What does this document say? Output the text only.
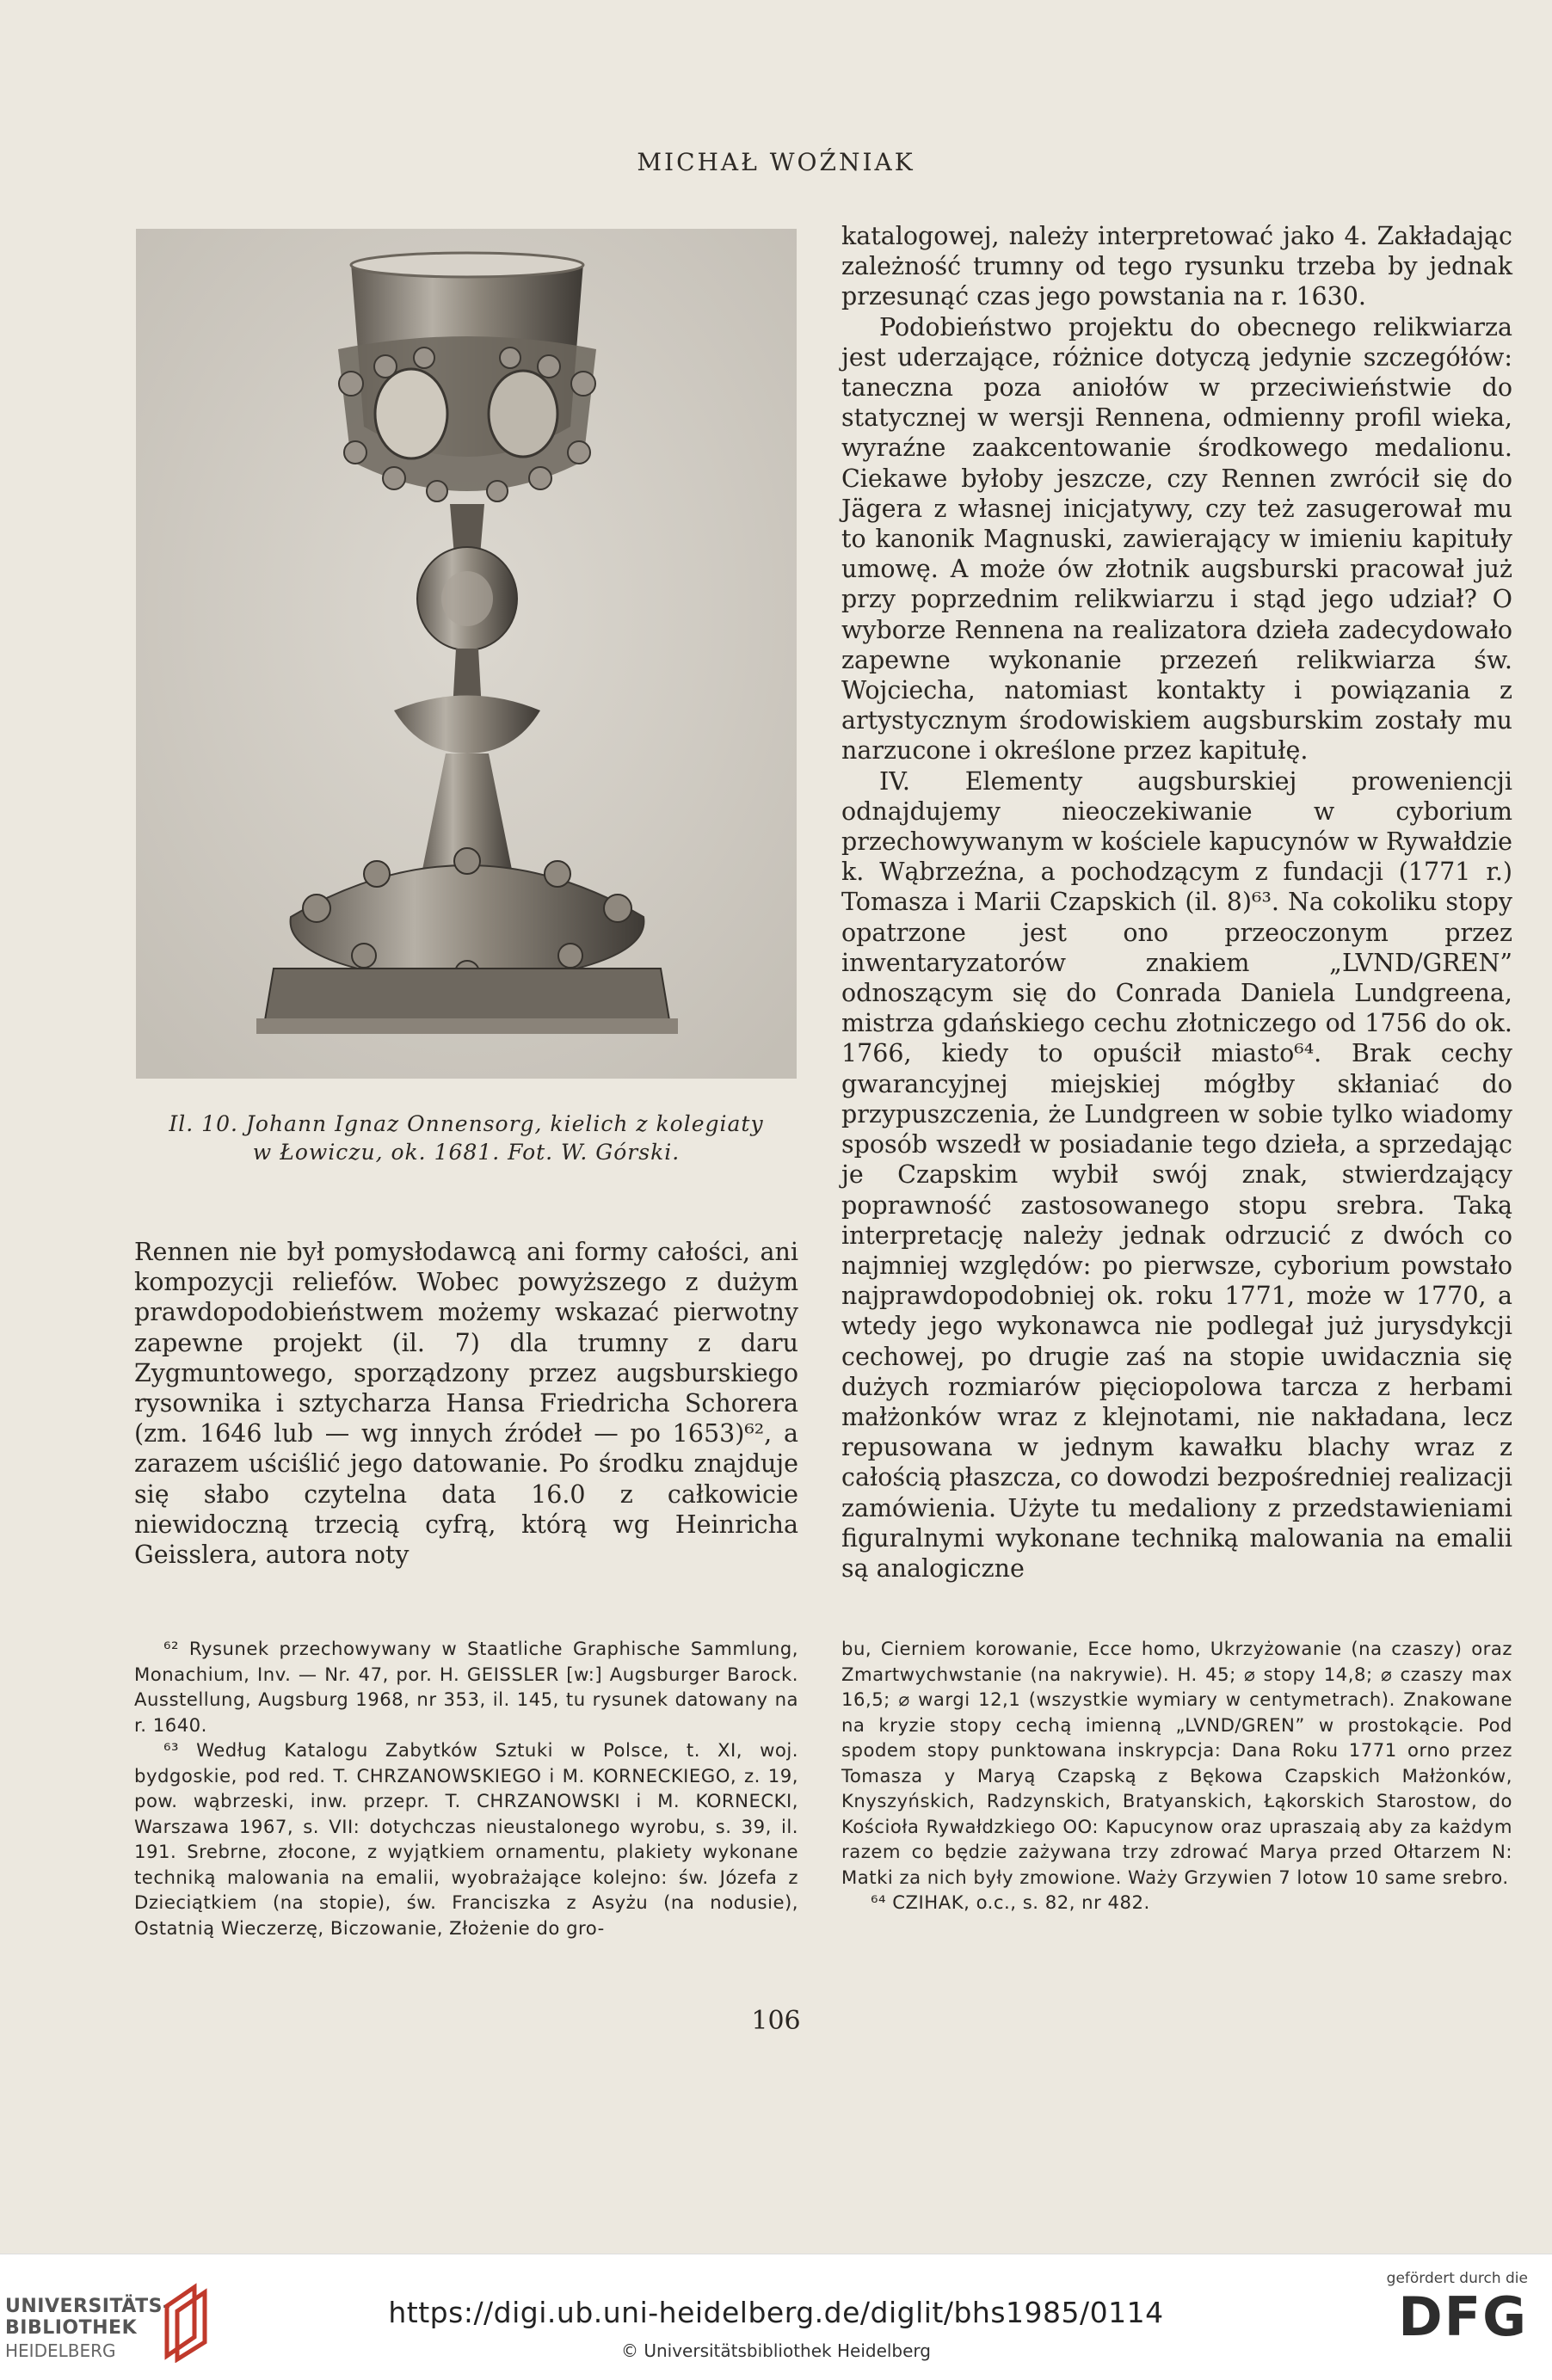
MICHAŁ WOŹNIAK
Il. 10. Johann Ignaz Onnensorg, kielich z kolegiaty
w Łowiczu, ok. 1681. Fot. W. Górski.

Rennen nie był pomysłodawcą ani formy całości, ani kompozycji reliefów. Wobec powyższego z dużym prawdopodobieństwem możemy wskazać pierwotny zapewne projekt (il. 7) dla trumny z daru Zygmuntowego, sporządzony przez augsburskiego rysownika i sztycharza Hansa Friedricha Schorera (zm. 1646 lub — wg innych źródeł — po 1653)⁶², a zarazem uściślić jego datowanie. Po środku znajduje się słabo czytelna data 16.0 z całkowicie niewidoczną trzecią cyfrą, którą wg Heinricha Geisslera, autora noty

katalogowej, należy interpretować jako 4. Zakładając zależność trumny od tego rysunku trzeba by jednak przesunąć czas jego powstania na r. 1630.

Podobieństwo projektu do obecnego relikwiarza jest uderzające, różnice dotyczą jedynie szczegółów: taneczna poza aniołów w przeciwieństwie do statycznej w wersji Rennena, odmienny profil wieka, wyraźne zaakcentowanie środkowego medalionu. Ciekawe byłoby jeszcze, czy Rennen zwrócił się do Jägera z własnej inicjatywy, czy też zasugerował mu to kanonik Magnuski, zawierający w imieniu kapituły umowę. A może ów złotnik augsburski pracował już przy poprzednim relikwiarzu i stąd jego udział? O wyborze Rennena na realizatora dzieła zadecydowało zapewne wykonanie przezeń relikwiarza św. Wojciecha, natomiast kontakty i powiązania z artystycznym środowiskiem augsburskim zostały mu narzucone i określone przez kapitułę.

IV. Elementy augsburskiej proweniencji odnajdujemy nieoczekiwanie w cyborium przechowywanym w kościele kapucynów w Rywałdzie k. Wąbrzeźna, a pochodzącym z fundacji (1771 r.) Tomasza i Marii Czapskich (il. 8)⁶³. Na cokoliku stopy opatrzone jest ono przeoczonym przez inwentaryzatorów znakiem „LVND/GREN” odnoszącym się do Conrada Daniela Lundgreena, mistrza gdańskiego cechu złotniczego od 1756 do ok. 1766, kiedy to opuścił miasto⁶⁴. Brak cechy gwarancyjnej miejskiej mógłby skłaniać do przypuszczenia, że Lundgreen w sobie tylko wiadomy sposób wszedł w posiadanie tego dzieła, a sprzedając je Czapskim wybił swój znak, stwierdzający poprawność zastosowanego stopu srebra. Taką interpretację należy jednak odrzucić z dwóch co najmniej względów: po pierwsze, cyborium powstało najprawdopodobniej ok. roku 1771, może w 1770, a wtedy jego wykonawca nie podlegał już jurysdykcji cechowej, po drugie zaś na stopie uwidacznia się dużych rozmiarów pięciopolowa tarcza z herbami małżonków wraz z klejnotami, nie nakładana, lecz repusowana w jednym kawałku blachy wraz z całością płaszcza, co dowodzi bezpośredniej realizacji zamówienia. Użyte tu medaliony z przedstawieniami figuralnymi wykonane techniką malowania na emalii są analogiczne

⁶² Rysunek przechowywany w Staatliche Graphische Sammlung, Monachium, Inv. — Nr. 47, por. H. GEISSLER [w:] Augsburger Barock. Ausstellung, Augsburg 1968, nr 353, il. 145, tu rysunek datowany na r. 1640.

⁶³ Według Katalogu Zabytków Sztuki w Polsce, t. XI, woj. bydgoskie, pod red. T. CHRZANOWSKIEGO i M. KORNECKIEGO, z. 19, pow. wąbrzeski, inw. przepr. T. CHRZANOWSKI i M. KORNECKI, Warszawa 1967, s. VII: dotychczas nieustalonego wyrobu, s. 39, il. 191. Srebrne, złocone, z wyjątkiem ornamentu, plakiety wykonane techniką malowania na emalii, wyobrażające kolejno: św. Józefa z Dzieciątkiem (na stopie), św. Franciszka z Asyżu (na nodusie), Ostatnią Wieczerzę, Biczowanie, Złożenie do gro-

bu, Cierniem korowanie, Ecce homo, Ukrzyżowanie (na czaszy) oraz Zmartwychwstanie (na nakrywie). H. 45; ⌀ stopy 14,8; ⌀ czaszy max 16,5; ⌀ wargi 12,1 (wszystkie wymiary w centymetrach). Znakowane na kryzie stopy cechą imienną „LVND/GREN” w prostokącie. Pod spodem stopy punktowana inskrypcja: Dana Roku 1771 orno przez Tomasza y Maryą Czapską z Bękowa Czapskich Małżonków, Knyszyńskich, Radzynskich, Bratyanskich, Łąkorskich Starostow, do Kościoła Rywałdzkiego OO: Kapucynow oraz upraszaią aby za każdym razem co będzie zażywana trzy zdrować Marya przed Ołtarzem N: Matki za nich były zmowione. Waży Grzywien 7 lotow 10 same srebro.

⁶⁴ CZIHAK, o.c., s. 82, nr 482.

106
UNIVERSITÄTS-
BIBLIOTHEK
HEIDELBERG
https://digi.ub.uni-heidelberg.de/diglit/bhs1985/0114
© Universitätsbibliothek Heidelberg
gefördert durch die
DFG
